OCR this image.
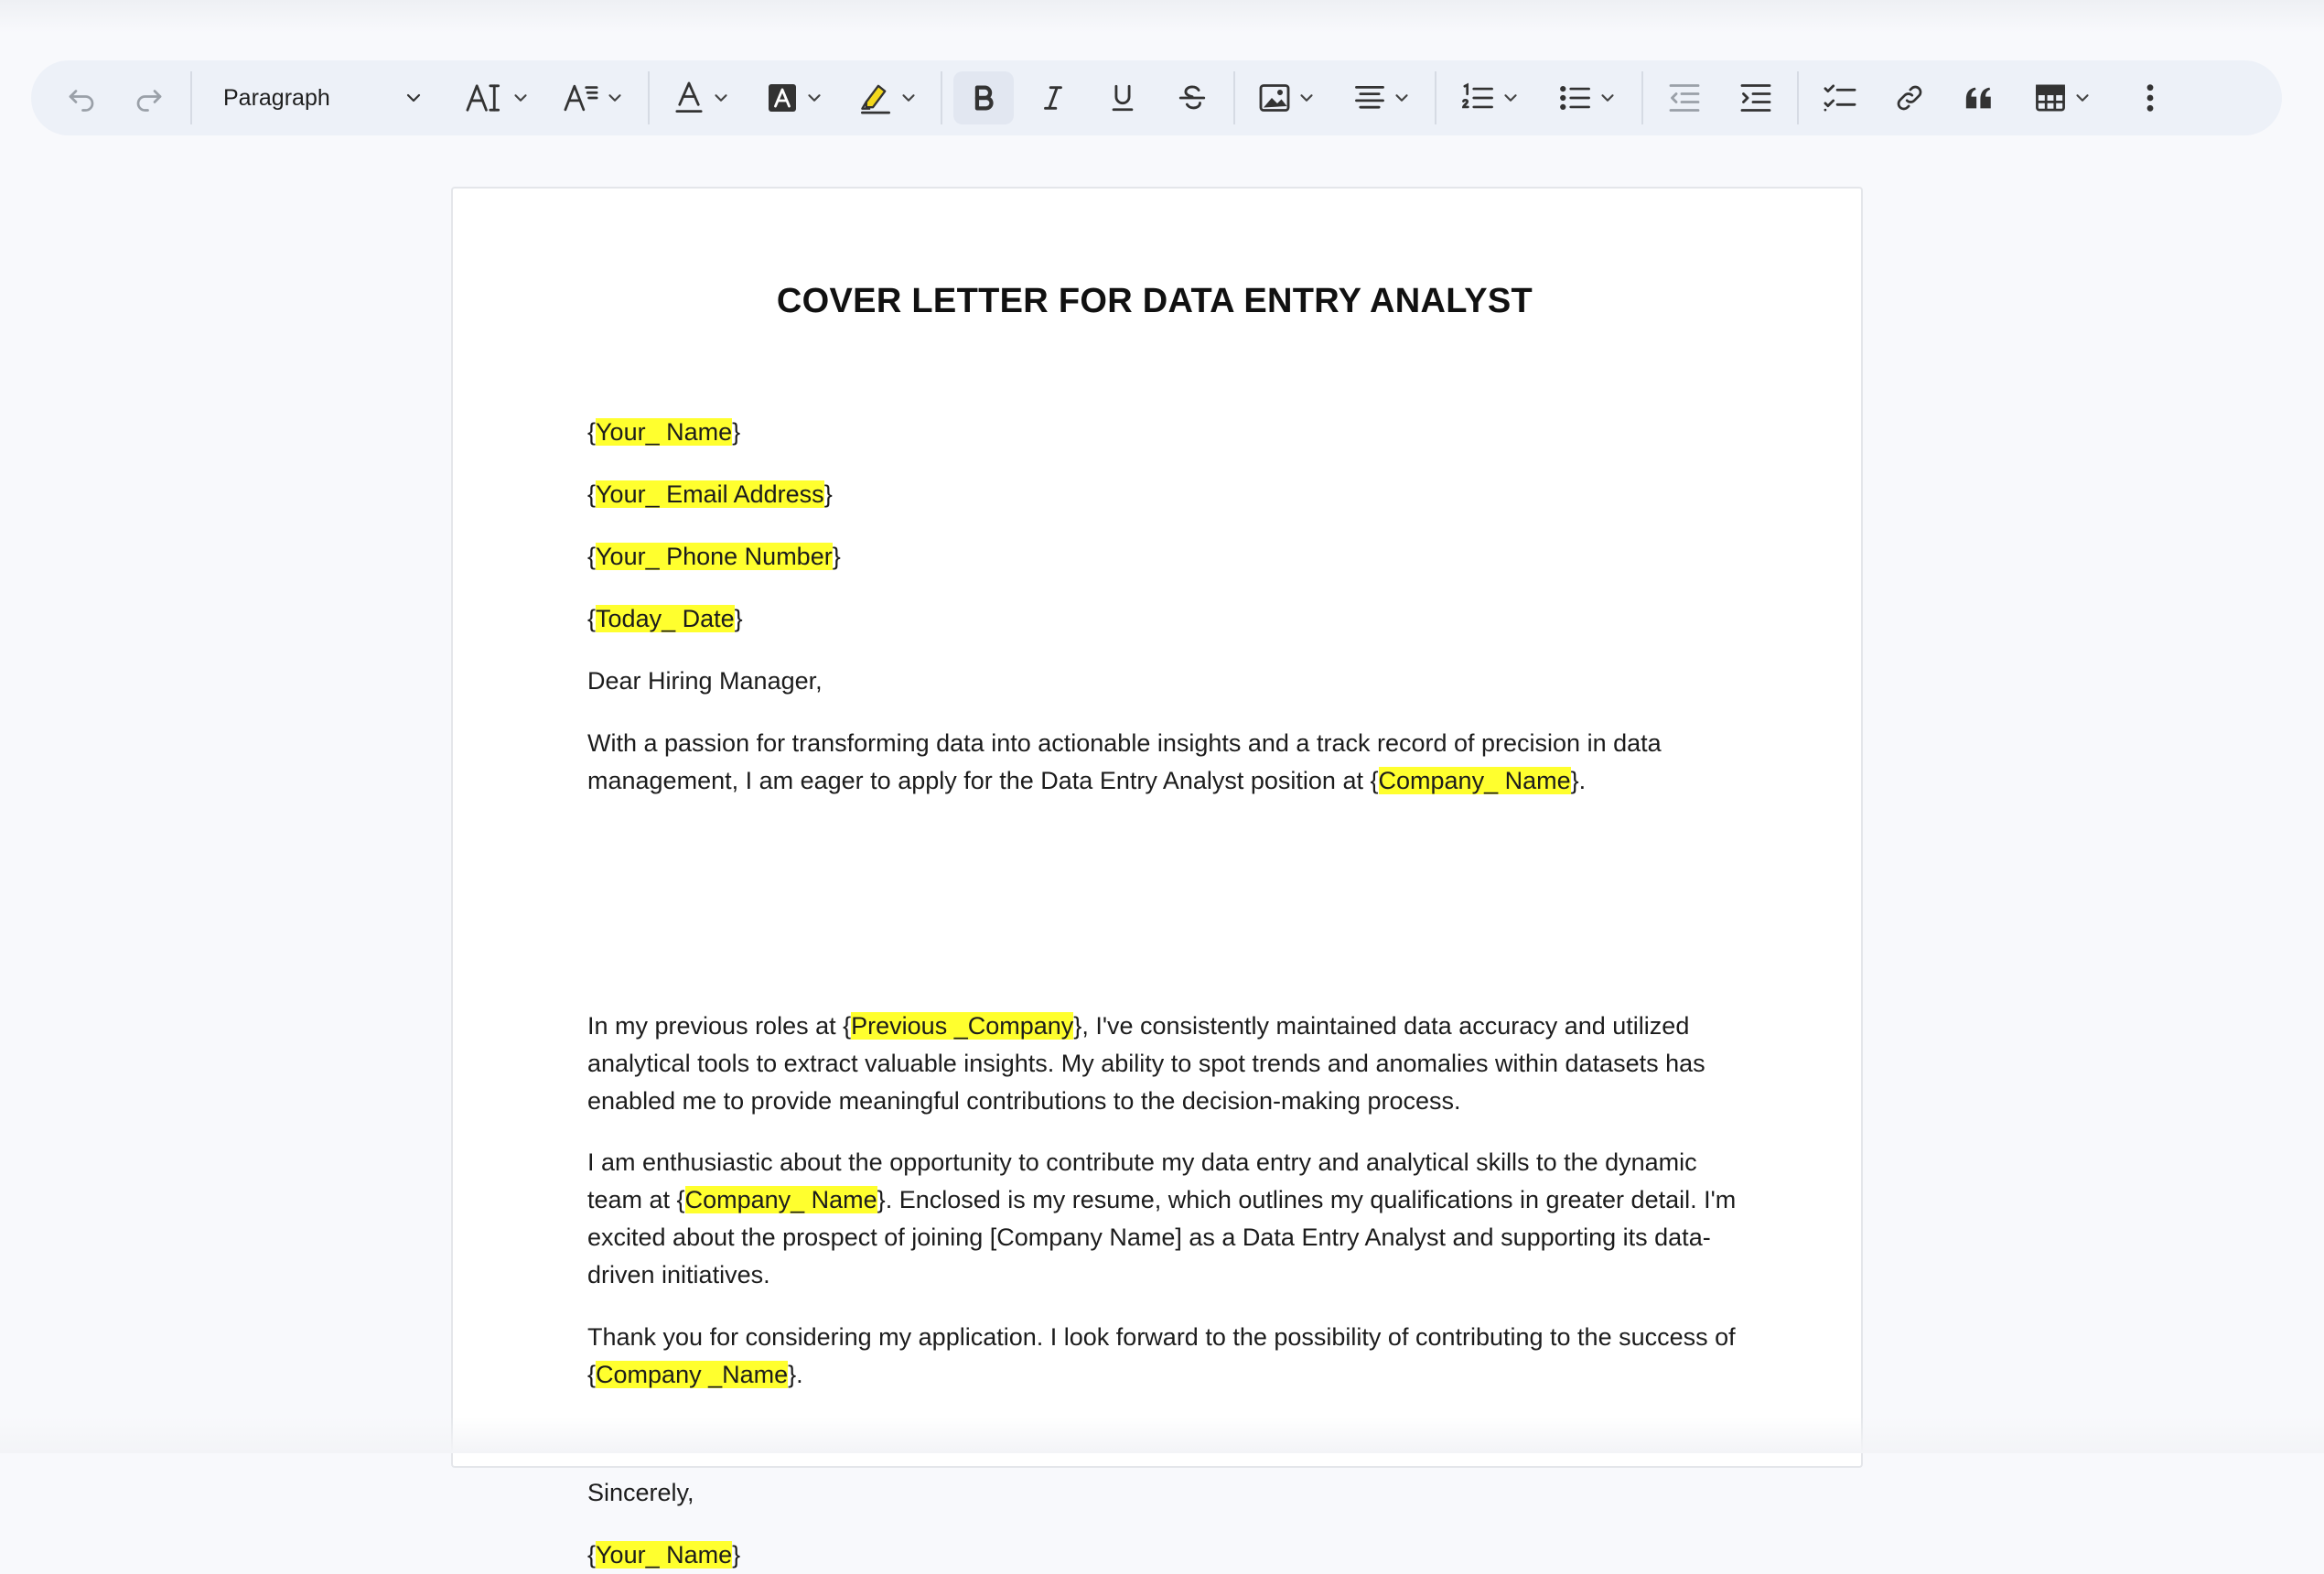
Paragraph
COVER LETTER FOR DATA ENTRY ANALYST
{Your_ Name}
{Your_ Email Address}
{Your_ Phone Number}
{Today_ Date}
Dear Hiring Manager,
With a passion for transforming data into actionable insights and a track record of precision in data management, I am eager to apply for the Data Entry Analyst position at {Company_ Name}.
In my previous roles at {Previous _Company}, I've consistently maintained data accuracy and utilized analytical tools to extract valuable insights. My ability to spot trends and anomalies within datasets has enabled me to provide meaningful contributions to the decision-making process.
I am enthusiastic about the opportunity to contribute my data entry and analytical skills to the dynamic team at {Company_ Name}. Enclosed is my resume, which outlines my qualifications in greater detail. I'm excited about the prospect of joining [Company Name] as a Data Entry Analyst and supporting its data-driven initiatives.
Thank you for considering my application. I look forward to the possibility of contributing to the success of {Company _Name}.
Sincerely,
{Your_ Name}
